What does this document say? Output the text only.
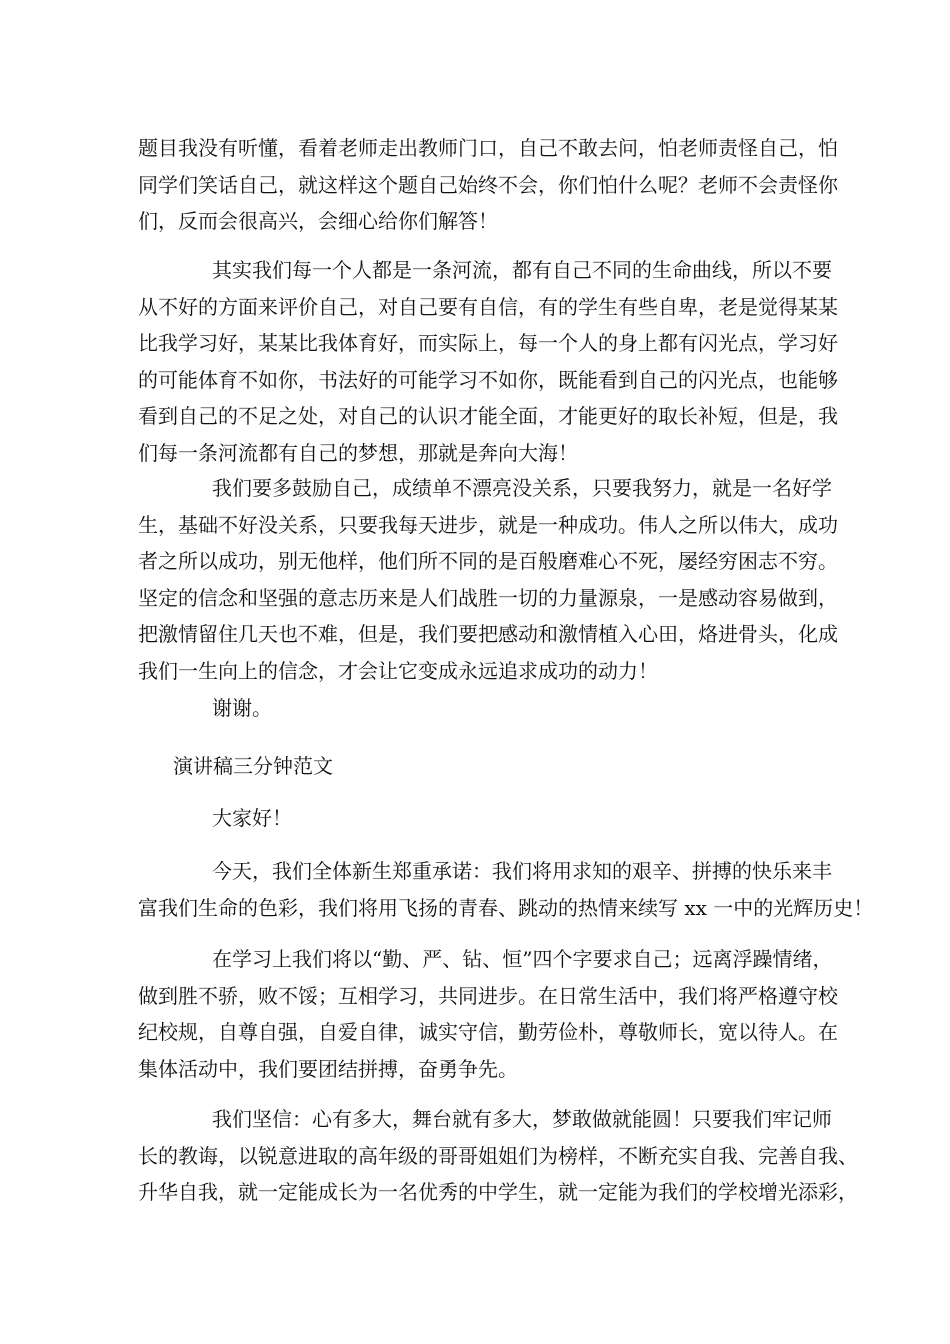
题目我没有听懂，看着老师走出教师门口，自己不敢去问，怕老师责怪自己，怕
同学们笑话自己，就这样这个题自己始终不会，你们怕什么呢？老师不会责怪你
们，反而会很高兴，会细心给你们解答！
其实我们每一个人都是一条河流，都有自己不同的生命曲线，所以不要
从不好的方面来评价自己，对自己要有自信，有的学生有些自卑，老是觉得某某
比我学习好，某某比我体育好，而实际上，每一个人的身上都有闪光点，学习好
的可能体育不如你，书法好的可能学习不如你，既能看到自己的闪光点，也能够
看到自己的不足之处，对自己的认识才能全面，才能更好的取长补短，但是，我
们每一条河流都有自己的梦想，那就是奔向大海！
我们要多鼓励自己，成绩单不漂亮没关系，只要我努力，就是一名好学
生，基础不好没关系，只要我每天进步，就是一种成功。伟人之所以伟大，成功
者之所以成功，别无他样，他们所不同的是百般磨难心不死，屡经穷困志不穷。
坚定的信念和坚强的意志历来是人们战胜一切的力量源泉，一是感动容易做到，
把激情留住几天也不难，但是，我们要把感动和激情植入心田，烙进骨头，化成
我们一生向上的信念，才会让它变成永远追求成功的动力！
谢谢。
演讲稿三分钟范文
大家好！
今天，我们全体新生郑重承诺：我们将用求知的艰辛、拼搏的快乐来丰
富我们生命的色彩，我们将用飞扬的青春、跳动的热情来续写 xx 一中的光辉历史！
在学习上我们将以“勤、严、钻、恒”四个字要求自己；远离浮躁情绪，
做到胜不骄，败不馁；互相学习，共同进步。在日常生活中，我们将严格遵守校
纪校规，自尊自强，自爱自律，诚实守信，勤劳俭朴，尊敬师长，宽以待人。在
集体活动中，我们要团结拼搏，奋勇争先。
我们坚信：心有多大，舞台就有多大，梦敢做就能圆！只要我们牢记师
长的教诲，以锐意进取的高年级的哥哥姐姐们为榜样，不断充实自我、完善自我、
升华自我，就一定能成长为一名优秀的中学生，就一定能为我们的学校增光添彩，
